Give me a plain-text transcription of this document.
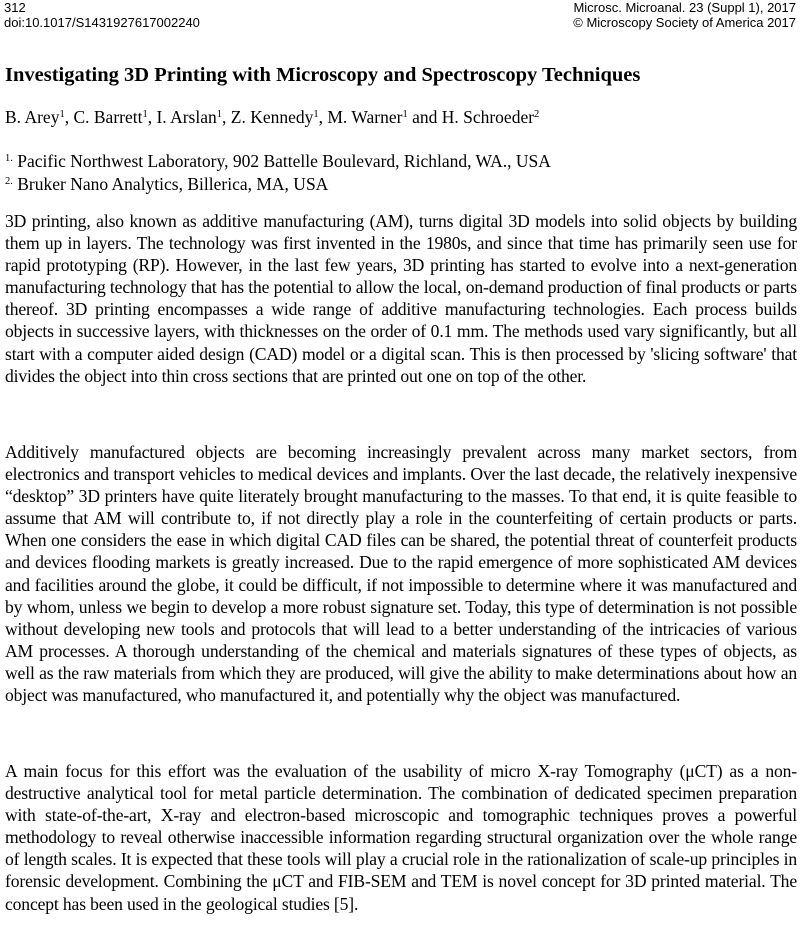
312	Microsc. Microanal. 23 (Suppl 1), 2017
doi:10.1017/S1431927617002240	© Microscopy Society of America 2017
Investigating 3D Printing with Microscopy and Spectroscopy Techniques
B. Arey$^1$, C. Barrett$^1$, I. Arslan$^1$, Z. Kennedy$^1$, M. Warner$^1$ and H. Schroeder$^2$
$^{1.}$ Pacific Northwest Laboratory, 902 Battelle Boulevard, Richland, WA., USA
$^{2.}$ Bruker Nano Analytics, Billerica, MA, USA

3D printing, also known as additive manufacturing (AM), turns digital 3D models into solid objects by building them up in layers. The technology was first invented in the 1980s, and since that time has primarily seen use for rapid prototyping (RP). However, in the last few years, 3D printing has started to evolve into a next-generation manufacturing technology that has the potential to allow the local, on-demand production of final products or parts thereof. 3D printing encompasses a wide range of additive manufacturing technologies. Each process builds objects in successive layers, with thicknesses on the order of 0.1 mm. The methods used vary significantly, but all start with a computer aided design (CAD) model or a digital scan. This is then processed by 'slicing software' that divides the object into thin cross sections that are printed out one on top of the other.

Additively manufactured objects are becoming increasingly prevalent across many market sectors, from electronics and transport vehicles to medical devices and implants. Over the last decade, the relatively inexpensive “desktop” 3D printers have quite literately brought manufacturing to the masses. To that end, it is quite feasible to assume that AM will contribute to, if not directly play a role in the counterfeiting of certain products or parts. When one considers the ease in which digital CAD files can be shared, the potential threat of counterfeit products and devices flooding markets is greatly increased. Due to the rapid emergence of more sophisticated AM devices and facilities around the globe, it could be difficult, if not impossible to determine where it was manufactured and by whom, unless we begin to develop a more robust signature set. Today, this type of determination is not possible without developing new tools and protocols that will lead to a better understanding of the intricacies of various AM processes. A thorough understanding of the chemical and materials signatures of these types of objects, as well as the raw materials from which they are produced, will give the ability to make determinations about how an object was manufactured, who manufactured it, and potentially why the object was manufactured.

A main focus for this effort was the evaluation of the usability of micro X-ray Tomography (μCT) as a non-destructive analytical tool for metal particle determination. The combination of dedicated specimen preparation with state-of-the-art, X-ray and electron-based microscopic and tomographic techniques proves a powerful methodology to reveal otherwise inaccessible information regarding structural organization over the whole range of length scales. It is expected that these tools will play a crucial role in the rationalization of scale-up principles in forensic development. Combining the μCT and FIB-SEM and TEM is novel concept for 3D printed material. The concept has been used in the geological studies [5].
